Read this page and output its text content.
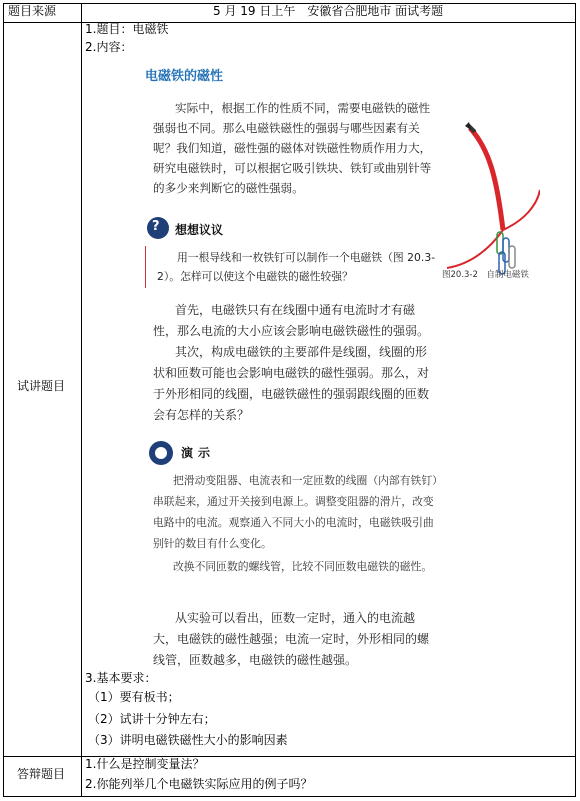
题目来源	5 月 19 日上午　安徽省合肥地市 面试考题
试讲题目
答辩题目
1.题目：电磁铁
2.内容：
电磁铁的磁性
实际中，根据工作的性质不同，需要电磁铁的磁性强弱也不同。那么电磁铁磁性的强弱与哪些因素有关呢？我们知道，磁性强的磁体对铁磁性物质作用力大，研究电磁铁时，可以根据它吸引铁块、铁钉或曲别针等的多少来判断它的磁性强弱。
? 想想议议
用一根导线和一枚铁钉可以制作一个电磁铁（图 20.3-2）。怎样可以使这个电磁铁的磁性较强？	图20.3-2　自制电磁铁
首先，电磁铁只有在线圈中通有电流时才有磁性，那么电流的大小应该会影响电磁铁磁性的强弱。
其次，构成电磁铁的主要部件是线圈，线圈的形状和匝数可能也会影响电磁铁的磁性强弱。那么，对于外形相同的线圈，电磁铁磁性的强弱跟线圈的匝数会有怎样的关系？
演示
把滑动变阻器、电流表和一定匝数的线圈（内部有铁钉）串联起来，通过开关接到电源上。调整变阻器的滑片，改变电路中的电流。观察通入不同大小的电流时，电磁铁吸引曲别针的数目有什么变化。
改换不同匝数的螺线管，比较不同匝数电磁铁的磁性。
从实验可以看出，匝数一定时，通入的电流越大，电磁铁的磁性越强；电流一定时，外形相同的螺线管，匝数越多，电磁铁的磁性越强。
3.基本要求：
（1）要有板书；
（2）试讲十分钟左右；
（3）讲明电磁铁磁性大小的影响因素
1.什么是控制变量法？
2.你能列举几个电磁铁实际应用的例子吗？
